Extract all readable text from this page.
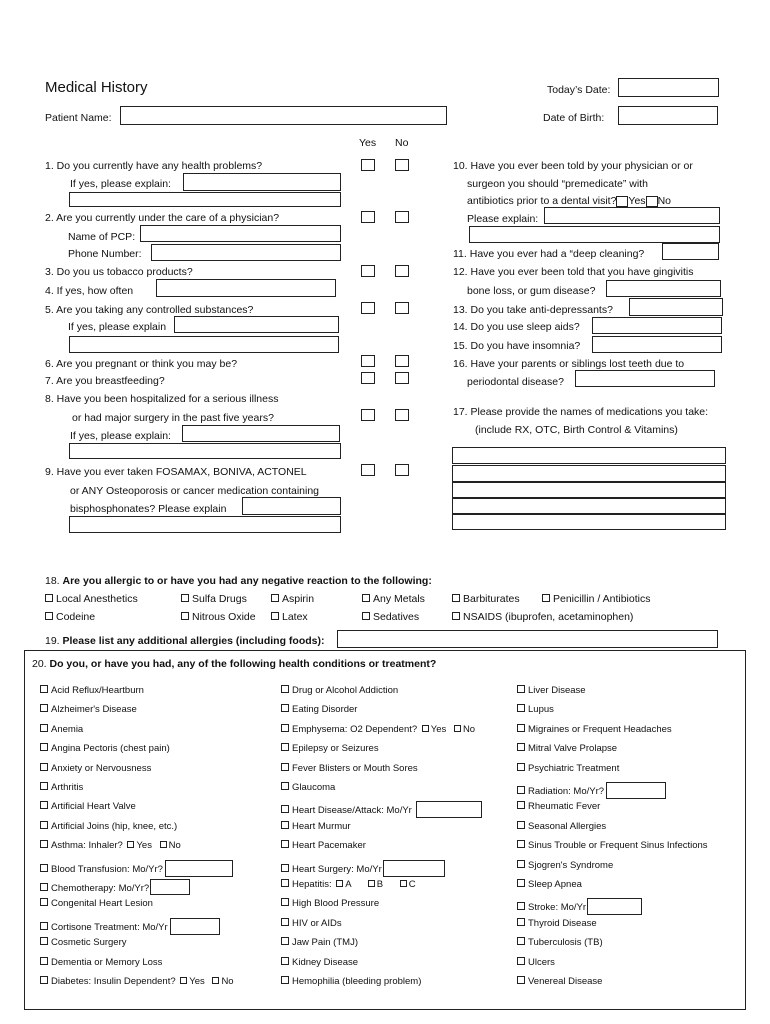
Medical History	Today’s Date:
Patient Name:	Date of Birth:
Yes No
1. Do you currently have any health problems?
If yes, please explain:
2. Are you currently under the care of a physician?
Name of PCP:
Phone Number:
3. Do you us tobacco products?
4. If yes, how often
5. Are you taking any controlled substances?
If yes, please explain
6. Are you pregnant or think you may be?
7. Are you breastfeeding?
8. Have you been hospitalized for a serious illness
or had major surgery in the past five years?
If yes, please explain:
9. Have you ever taken FOSAMAX, BONIVA, ACTONEL
or ANY Osteoporosis or cancer medication containing
bisphosphonates? Please explain
10. Have you ever been told by your physician or or
surgeon you should “premedicate” with
antibiotics prior to a dental visit? Yes No
Please explain:
11. Have you ever had a “deep cleaning?
12. Have you ever been told that you have gingivitis
bone loss, or gum disease?
13. Do you take anti-depressants?
14. Do you use sleep aids?
15. Do you have insomnia?
16. Have your parents or siblings lost teeth due to
periodontal disease?
17. Please provide the names of medications you take:
(include RX, OTC, Birth Control & Vitamins)
18. Are you allergic to or have you had any negative reaction to the following:
Local Anesthetics	Sulfa Drugs	Aspirin	Any Metals	Barbiturates	Penicillin / Antibiotics
Codeine	Nitrous Oxide	Latex	Sedatives	NSAIDS (ibuprofen, acetaminophen)
19. Please list any additional allergies (including foods):
20. Do you, or have you had, any of the following health conditions or treatment?
Acid Reflux/Heartburn
Alzheimer's Disease
Anemia
Angina Pectoris (chest pain)
Anxiety or Nervousness
Arthritis
Artificial Heart Valve
Artificial Joins (hip, knee, etc.)
Asthma: Inhaler? Yes No
Blood Transfusion: Mo/Yr?
Chemotherapy: Mo/Yr?
Congenital Heart Lesion
Cortisone Treatment: Mo/Yr
Cosmetic Surgery
Dementia or Memory Loss
Diabetes: Insulin Dependent? Yes No
Drug or Alcohol Addiction
Eating Disorder
Emphysema: O2 Dependent? Yes No
Epilepsy or Seizures
Fever Blisters or Mouth Sores
Glaucoma
Heart Disease/Attack: Mo/Yr
Heart Murmur
Heart Pacemaker
Heart Surgery: Mo/Yr
Hepatitis: A	B	C
High Blood Pressure
HIV or AIDs
Jaw Pain (TMJ)
Kidney Disease
Hemophilia (bleeding problem)
Liver Disease
Lupus
Migraines or Frequent Headaches
Mitral Valve Prolapse
Psychiatric Treatment
Radiation: Mo/Yr?
Rheumatic Fever
Seasonal Allergies
Sinus Trouble or Frequent Sinus Infections
Sjogren's Syndrome
Sleep Apnea
Stroke: Mo/Yr
Thyroid Disease
Tuberculosis (TB)
Ulcers
Venereal Disease
